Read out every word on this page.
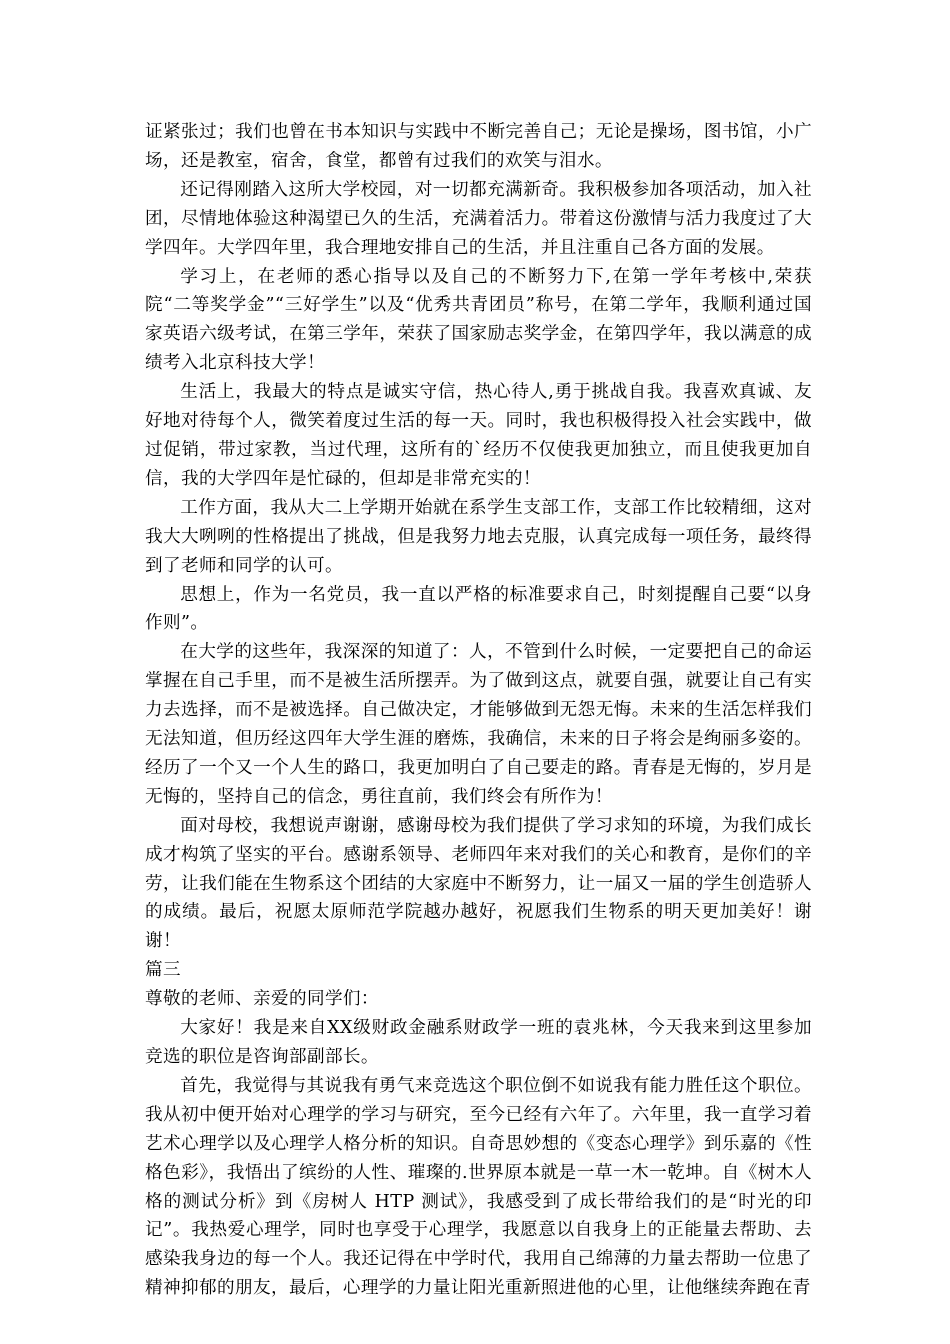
证紧张过；我们也曾在书本知识与实践中不断完善自己；无论是操场，图书馆，小广场，还是教室，宿舍，食堂，都曾有过我们的欢笑与泪水。

还记得刚踏入这所大学校园，对一切都充满新奇。我积极参加各项活动，加入社团，尽情地体验这种渴望已久的生活，充满着活力。带着这份激情与活力我度过了大学四年。大学四年里，我合理地安排自己的生活，并且注重自己各方面的发展。

学习上，在老师的悉心指导以及自己的不断努力下,在第一学年考核中,荣获院“二等奖学金”“三好学生”以及“优秀共青团员”称号，在第二学年，我顺利通过国家英语六级考试，在第三学年，荣获了国家励志奖学金，在第四学年，我以满意的成绩考入北京科技大学！

生活上，我最大的特点是诚实守信，热心待人,勇于挑战自我。我喜欢真诚、友好地对待每个人，微笑着度过生活的每一天。同时，我也积极得投入社会实践中，做过促销，带过家教，当过代理，这所有的`经历不仅使我更加独立，而且使我更加自信，我的大学四年是忙碌的，但却是非常充实的！

工作方面，我从大二上学期开始就在系学生支部工作，支部工作比较精细，这对我大大咧咧的性格提出了挑战，但是我努力地去克服，认真完成每一项任务，最终得到了老师和同学的认可。

思想上，作为一名党员，我一直以严格的标准要求自己，时刻提醒自己要“以身作则”。

在大学的这些年，我深深的知道了：人，不管到什么时候，一定要把自己的命运掌握在自己手里，而不是被生活所摆弄。为了做到这点，就要自强，就要让自己有实力去选择，而不是被选择。自己做决定，才能够做到无怨无悔。未来的生活怎样我们无法知道，但历经这四年大学生涯的磨炼，我确信，未来的日子将会是绚丽多姿的。经历了一个又一个人生的路口，我更加明白了自己要走的路。青春是无悔的，岁月是无悔的，坚持自己的信念，勇往直前，我们终会有所作为！

面对母校，我想说声谢谢，感谢母校为我们提供了学习求知的环境，为我们成长成才构筑了坚实的平台。感谢系领导、老师四年来对我们的关心和教育，是你们的辛劳，让我们能在生物系这个团结的大家庭中不断努力，让一届又一届的学生创造骄人的成绩。最后，祝愿太原师范学院越办越好，祝愿我们生物系的明天更加美好！谢谢！

篇三

尊敬的老师、亲爱的同学们：

大家好！我是来自XX级财政金融系财政学一班的袁兆林，今天我来到这里参加竞选的职位是咨询部副部长。

首先，我觉得与其说我有勇气来竞选这个职位倒不如说我有能力胜任这个职位。我从初中便开始对心理学的学习与研究，至今已经有六年了。六年里，我一直学习着艺术心理学以及心理学人格分析的知识。自奇思妙想的《变态心理学》到乐嘉的《性格色彩》，我悟出了缤纷的人性、璀璨的.世界原本就是一草一木一乾坤。自《树木人格的测试分析》到《房树人 HTP 测试》，我感受到了成长带给我们的是“时光的印记”。我热爱心理学，同时也享受于心理学，我愿意以自我身上的正能量去帮助、去感染我身边的每一个人。我还记得在中学时代，我用自己绵薄的力量去帮助一位患了精神抑郁的朋友，最后，心理学的力量让阳光重新照进他的心里，让他继续奔跑在青
